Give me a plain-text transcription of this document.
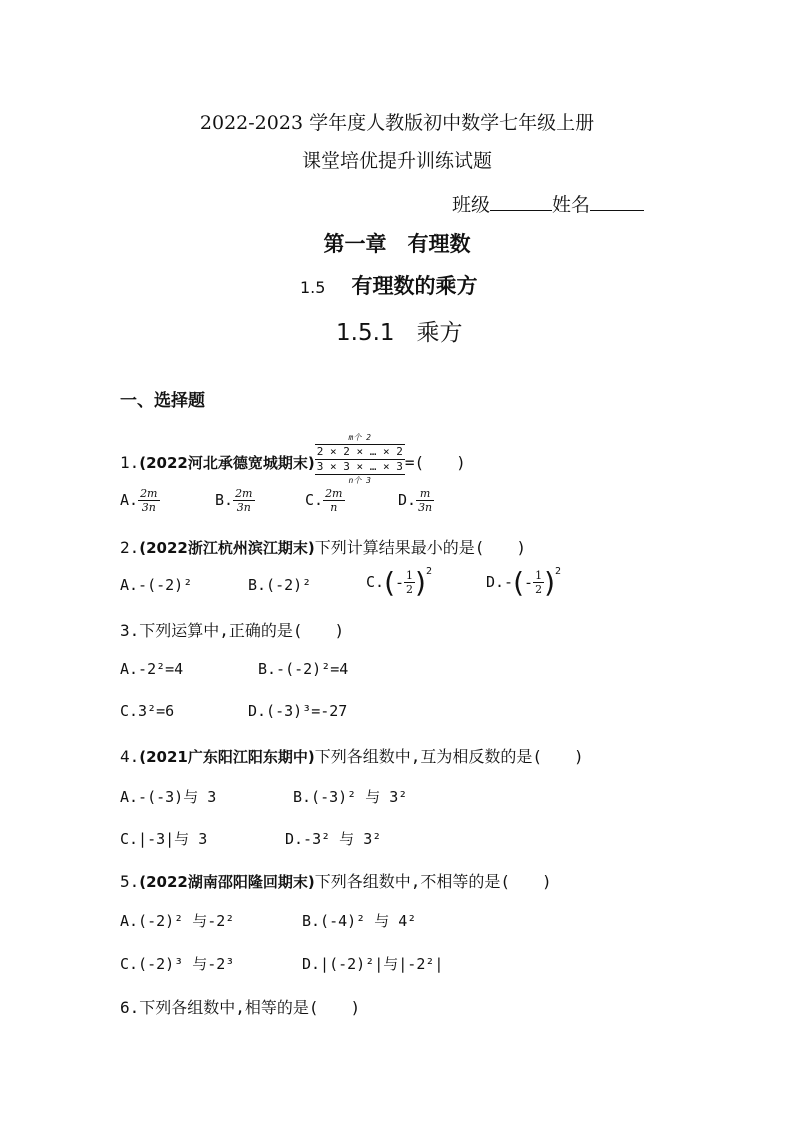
2022-2023 学年度人教版初中数学七年级上册
课堂培优提升训练试题
班级	姓名
第一章　有理数
1.5 有理数的乘方
1.5.1 乘方
一、选择题
1.(2022河北承德宽城期末)
m个 2
2 × 2 × … × 2
3 × 3 × … × 3
n个 3
=(　　)
A. $\frac{2m}{3n}$	B. $\frac{2m}{3n}$	C. $\frac{2m}{n}$	D. $\frac{m}{3n}$
2.(2022浙江杭州滨江期末)下列计算结果最小的是(　　)
A.-(-2)²	B.(-2)²	$C.(- \frac{1}{2} )^2$
$D.-(- \frac{1}{2} )^2$
3.下列运算中,正确的是(　　)
A.-2²=4	B.-(-2)²=4
C.3²=6	D.(-3)³=-27
4.(2021广东阳江阳东期中)下列各组数中,互为相反数的是(　　)
A.-(-3)与 3	B.(-3)² 与 3²
C.|-3|与 3	D.-3² 与 3²
5.(2022湖南邵阳隆回期末)下列各组数中,不相等的是(　　)
A.(-2)² 与-2²	B.(-4)² 与 4²
C.(-2)³ 与-2³	D.|(-2)²|与|-2²|
6.下列各组数中,相等的是(　　)
